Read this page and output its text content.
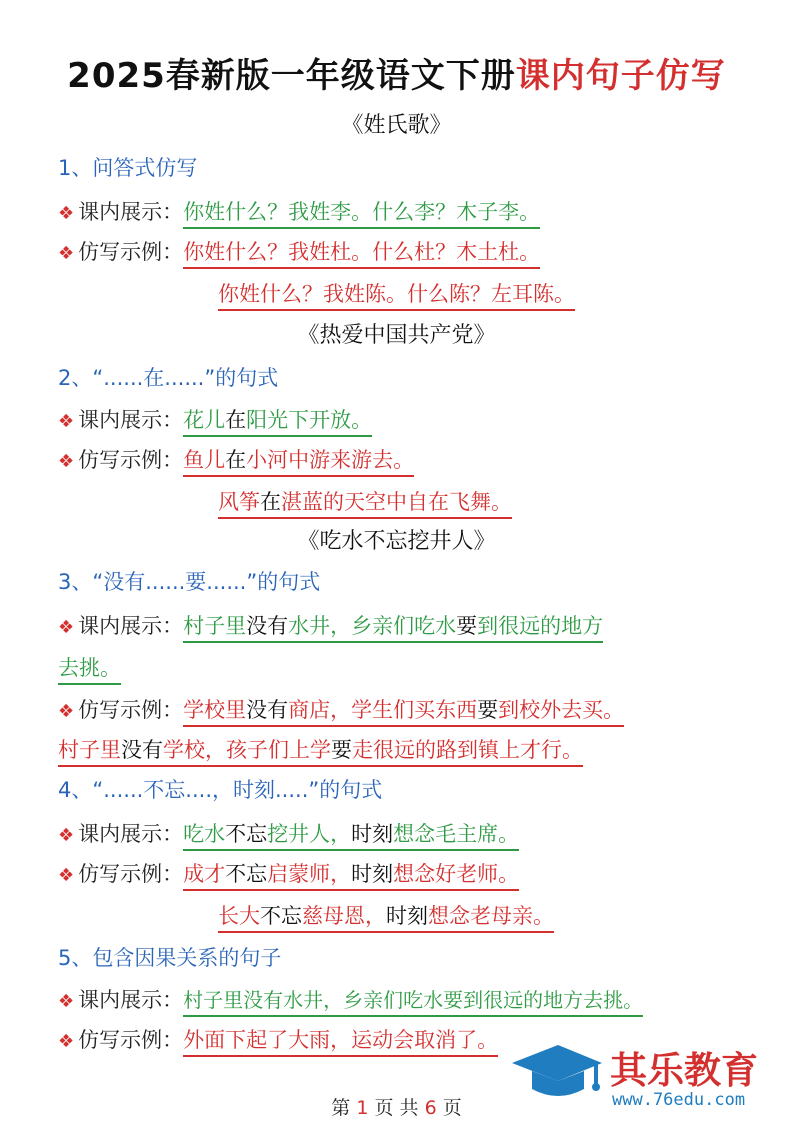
2025春新版一年级语文下册课内句子仿写
《姓氏歌》
1、问答式仿写
❖ 课内展示：你姓什么？我姓李。什么李？木子李。
❖ 仿写示例：你姓什么？我姓杜。什么杜？木土杜。
你姓什么？我姓陈。什么陈？左耳陈。
《热爱中国共产党》
2、“......在......”的句式
❖ 课内展示：花儿在阳光下开放。
❖ 仿写示例：鱼儿在小河中游来游去。
风筝在湛蓝的天空中自在飞舞。
《吃水不忘挖井人》
3、“没有......要......”的句式
❖ 课内展示：村子里没有水井，乡亲们吃水要到很远的地方
去挑。
❖ 仿写示例：学校里没有商店，学生们买东西要到校外去买。
村子里没有学校，孩子们上学要走很远的路到镇上才行。
4、“......不忘....，时刻.....”的句式
❖ 课内展示：吃水不忘挖井人，时刻想念毛主席。
❖ 仿写示例：成才不忘启蒙师，时刻想念好老师。
长大不忘慈母恩，时刻想念老母亲。
5、包含因果关系的句子
❖ 课内展示：村子里没有水井，乡亲们吃水要到很远的地方去挑。
❖ 仿写示例：外面下起了大雨，运动会取消了。
其乐教育
www.76edu.com
第 1 页 共 6 页
